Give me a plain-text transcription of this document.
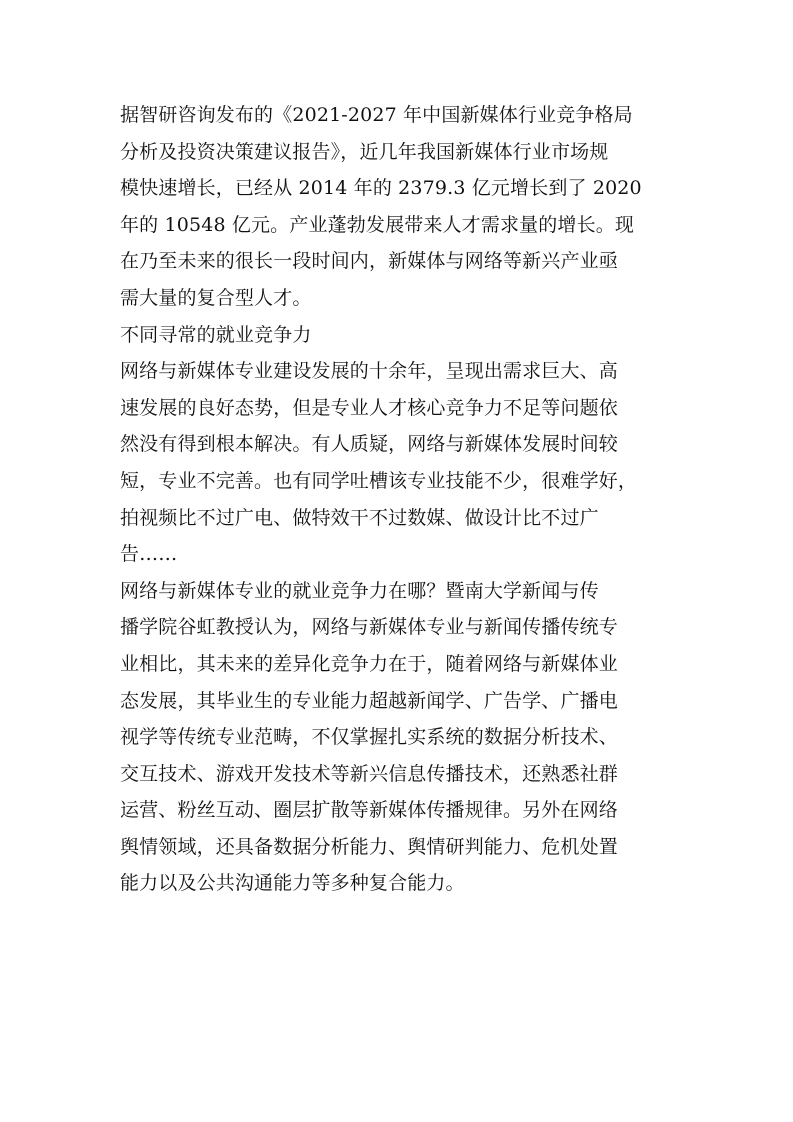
据智研咨询发布的《2021-2027 年中国新媒体行业竞争格局
分析及投资决策建议报告》，近几年我国新媒体行业市场规
模快速增长，已经从 2014 年的 2379.3 亿元增长到了 2020
年的 10548 亿元。产业蓬勃发展带来人才需求量的增长。现
在乃至未来的很长一段时间内，新媒体与网络等新兴产业亟
需大量的复合型人才。
不同寻常的就业竞争力
网络与新媒体专业建设发展的十余年，呈现出需求巨大、高
速发展的良好态势，但是专业人才核心竞争力不足等问题依
然没有得到根本解决。有人质疑，网络与新媒体发展时间较
短，专业不完善。也有同学吐槽该专业技能不少，很难学好，
拍视频比不过广电、做特效干不过数媒、做设计比不过广
告……
网络与新媒体专业的就业竞争力在哪？暨南大学新闻与传
播学院谷虹教授认为，网络与新媒体专业与新闻传播传统专
业相比，其未来的差异化竞争力在于，随着网络与新媒体业
态发展，其毕业生的专业能力超越新闻学、广告学、广播电
视学等传统专业范畴，不仅掌握扎实系统的数据分析技术、
交互技术、游戏开发技术等新兴信息传播技术，还熟悉社群
运营、粉丝互动、圈层扩散等新媒体传播规律。另外在网络
舆情领域，还具备数据分析能力、舆情研判能力、危机处置
能力以及公共沟通能力等多种复合能力。
